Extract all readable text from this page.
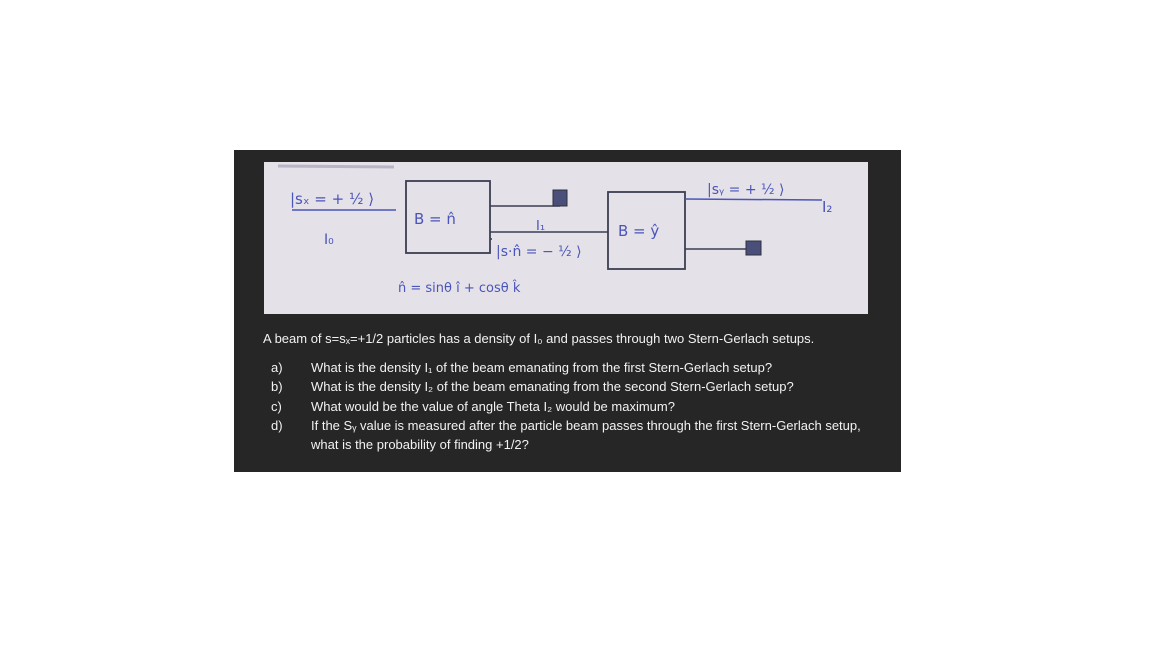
|sₓ = + ½ ⟩
I₀
B = n̂	I₁
|s·n̂ = − ½ ⟩
n̂ = sinθ î + cosθ k̂
B = ŷ
|sᵧ = + ½ ⟩
I₂

A beam of s=sₓ=+1/2 particles has a density of I₀ and passes through two Stern-Gerlach setups.

a) What is the density I₁ of the beam emanating from the first Stern-Gerlach setup?
b) What is the density I₂ of the beam emanating from the second Stern-Gerlach setup?
c) What would be the value of angle Theta I₂ would be maximum?
d) If the Sᵧ value is measured after the particle beam passes through the first Stern-Gerlach setup, what is the probability of finding +1/2?
